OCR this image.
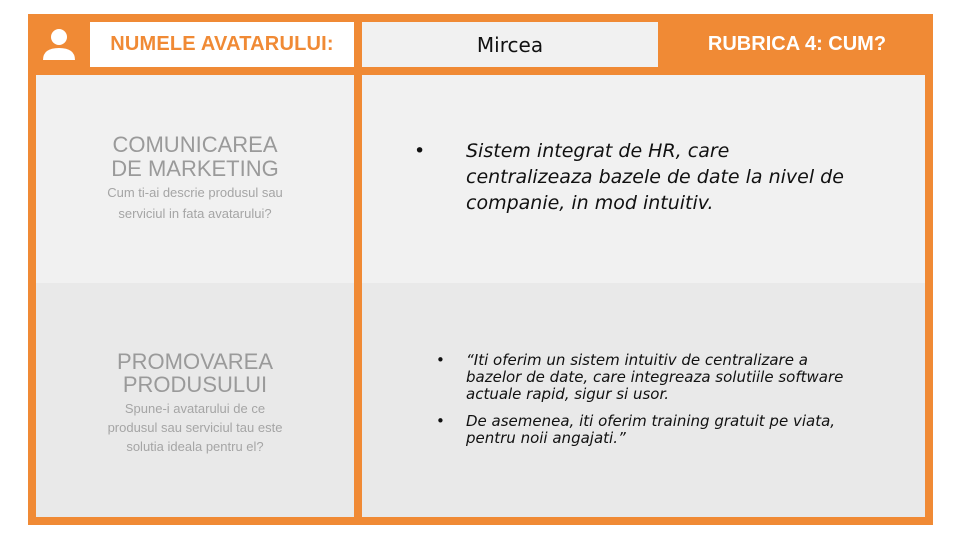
NUMELE AVATARULUI:	Mircea	RUBRICA 4: CUM?
COMUNICAREA
DE MARKETING
Cum ti-ai descrie produsul sau
serviciul in fata avatarului?
PROMOVAREA
PRODUSULUI
Spune-i avatarului de ce
produsul sau serviciul tau este
solutia ideala pentru el?
• Sistem integrat de HR, care
centralizeaza bazele de date la nivel de
companie, in mod intuitiv.
• “Iti oferim un sistem intuitiv de centralizare a
bazelor de date, care integreaza solutiile software
actuale rapid, sigur si usor.
• De asemenea, iti oferim training gratuit pe viata,
pentru noii angajati.”
